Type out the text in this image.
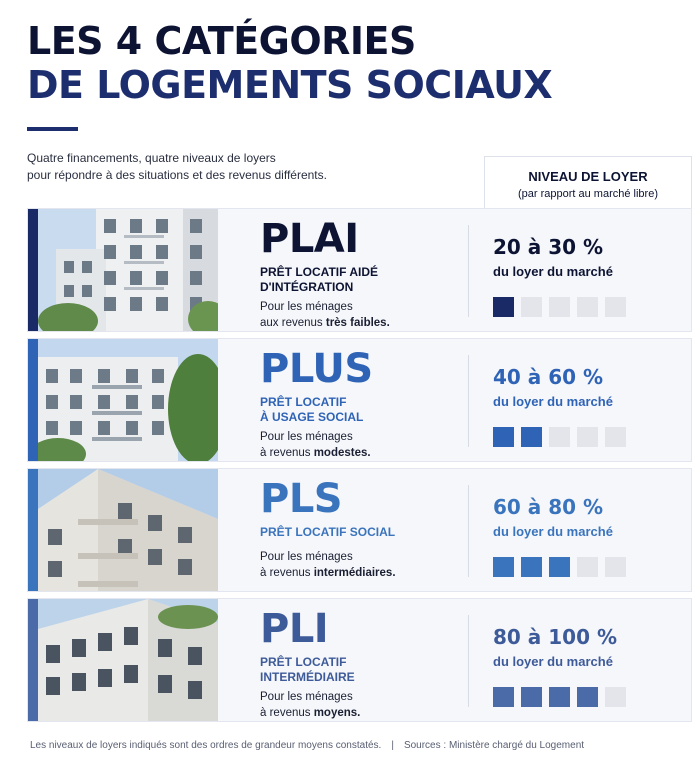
LES 4 CATÉGORIES
DE LOGEMENTS SOCIAUX
Quatre financements, quatre niveaux de loyers
pour répondre à des situations et des revenus différents.	NIVEAU DE LOYER
(par rapport au marché libre)
PLAI
PRÊT LOCATIF AIDÉ
D'INTÉGRATION
Pour les ménages
aux revenus très faibles.
20 à 30 %
du loyer du marché
PLUS
PRÊT LOCATIF
À USAGE SOCIAL
Pour les ménages
à revenus modestes.
40 à 60 %
du loyer du marché
PLS
PRÊT LOCATIF SOCIAL
Pour les ménages
à revenus intermédiaires.
60 à 80 %
du loyer du marché
PLI
PRÊT LOCATIF
INTERMÉDIAIRE
Pour les ménages
à revenus moyens.
80 à 100 %
du loyer du marché
Les niveaux de loyers indiqués sont des ordres de grandeur moyens constatés. | Sources : Ministère chargé du Logement
